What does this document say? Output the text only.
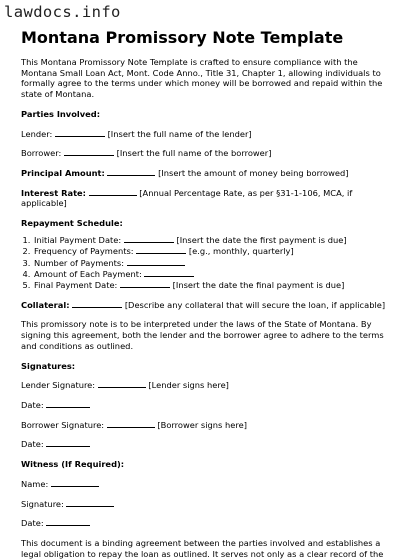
lawdocs.info
Montana Promissory Note Template

This Montana Promissory Note Template is crafted to ensure compliance with the Montana Small Loan Act, Mont. Code Anno., Title 31, Chapter 1, allowing individuals to formally agree to the terms under which money will be borrowed and repaid within the state of Montana.

Parties Involved:

Lender:	[Insert the full name of the lender]

Borrower:	[Insert the full name of the borrower]

Principal Amount:	[Insert the amount of money being borrowed]

Interest Rate:	[Annual Percentage Rate, as per §31-1-106, MCA, if applicable]

Repayment Schedule:

1. Initial Payment Date:	[Insert the date the first payment is due]
2. Frequency of Payments:	[e.g., monthly, quarterly]
3. Number of Payments:
4. Amount of Each Payment:
5. Final Payment Date:	[Insert the date the final payment is due]

Collateral:	[Describe any collateral that will secure the loan, if applicable]

This promissory note is to be interpreted under the laws of the State of Montana. By signing this agreement, both the lender and the borrower agree to adhere to the terms and conditions as outlined.

Signatures:

Lender Signature:	[Lender signs here]

Date:

Borrower Signature:	[Borrower signs here]

Date:

Witness (If Required):

Name:

Signature:

Date:

This document is a binding agreement between the parties involved and establishes a legal obligation to repay the loan as outlined. It serves not only as a clear record of the
